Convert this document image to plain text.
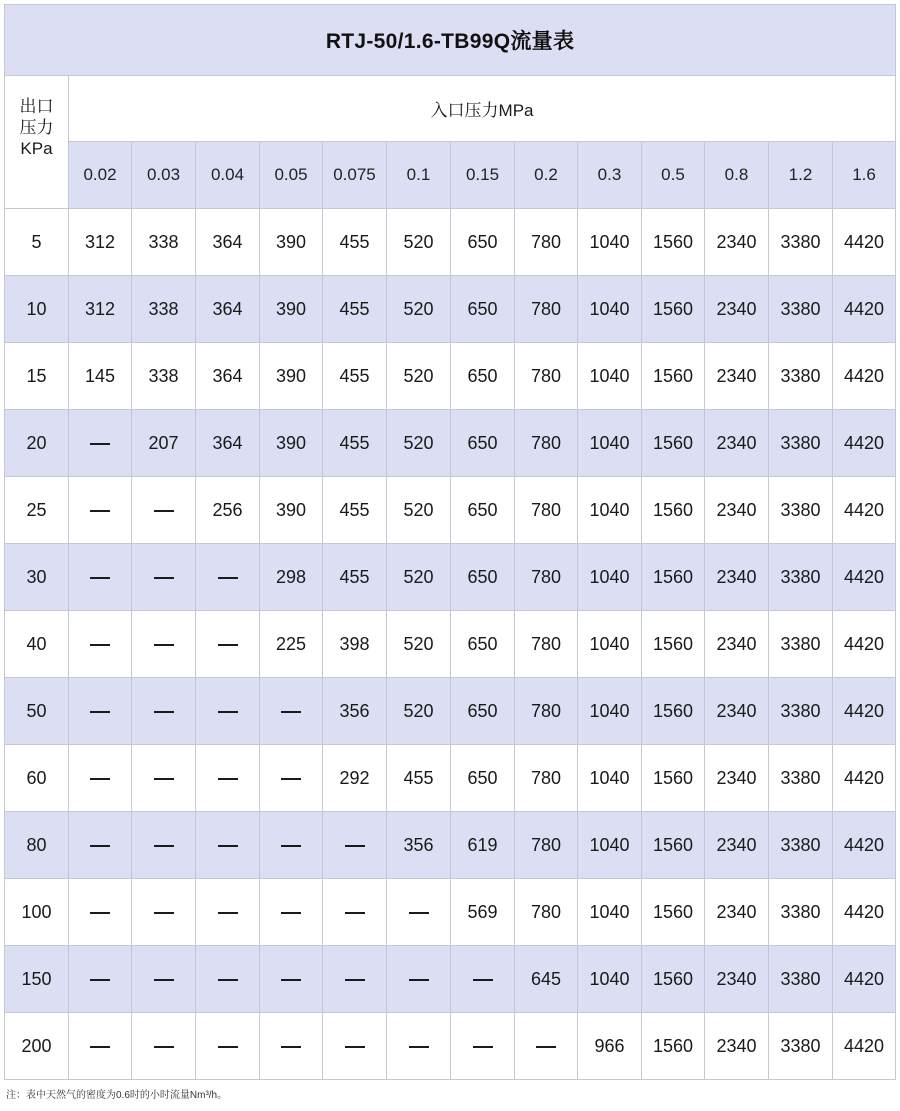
RTJ-50/1.6-TB99Q流量表													
出口
压力
KPa	入口压力MPa												
	0.02	0.03	0.04	0.05	0.075	0.1	0.15	0.2	0.3	0.5	0.8	1.2	1.6
5	312	338	364	390	455	520	650	780	1040	1560	2340	3380	4420
10	312	338	364	390	455	520	650	780	1040	1560	2340	3380	4420
15	145	338	364	390	455	520	650	780	1040	1560	2340	3380	4420
20		207	364	390	455	520	650	780	1040	1560	2340	3380	4420
25			256	390	455	520	650	780	1040	1560	2340	3380	4420
30				298	455	520	650	780	1040	1560	2340	3380	4420
40				225	398	520	650	780	1040	1560	2340	3380	4420
50					356	520	650	780	1040	1560	2340	3380	4420
60					292	455	650	780	1040	1560	2340	3380	4420
80						356	619	780	1040	1560	2340	3380	4420
100							569	780	1040	1560	2340	3380	4420
150								645	1040	1560	2340	3380	4420
200									966	1560	2340	3380	4420
注：表中天然气的密度为0.6时的小时流量Nm³/h。
